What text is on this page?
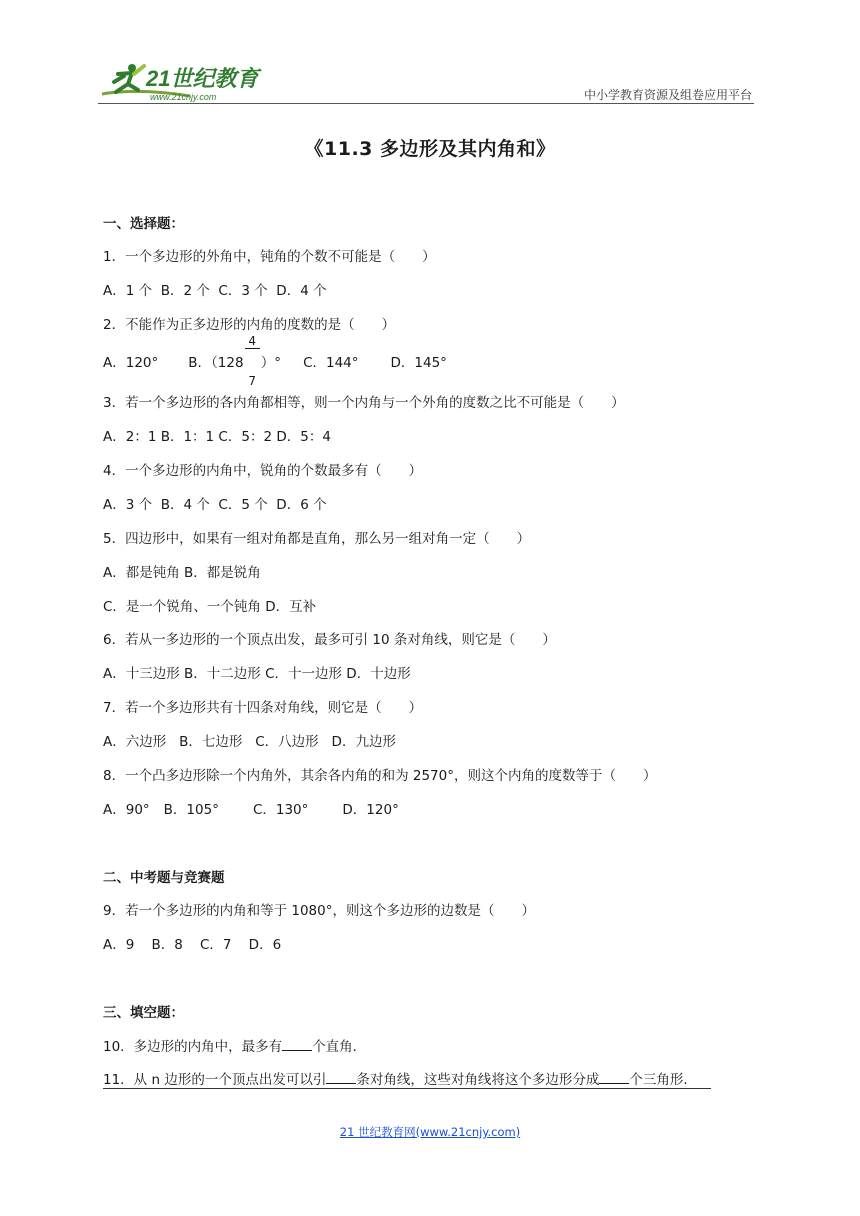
21世纪教育
www.21cnjy.com	中小学教育资源及组卷应用平台
《11.3 多边形及其内角和》
一、选择题：
1．一个多边形的外角中，钝角的个数不可能是（　　）
A．1 个  B．2 个  C．3 个  D．4 个
2．不能作为正多边形的内角的度数的是（　　）
A．120° B．（128

$\frac{4}{7}$

）° C．144° D．145°
3．若一个多边形的各内角都相等，则一个内角与一个外角的度数之比不可能是（　　）
A．2：1 B．1：1 C．5：2 D．5：4
4．一个多边形的内角中，锐角的个数最多有（　　）
A．3 个  B．4 个  C．5 个  D．6 个
5．四边形中，如果有一组对角都是直角，那么另一组对角一定（　　）
A．都是钝角 B．都是锐角
C．是一个锐角、一个钝角 D．互补
6．若从一多边形的一个顶点出发，最多可引 10 条对角线，则它是（　　）
A．十三边形 B．十二边形 C．十一边形 D．十边形
7．若一个多边形共有十四条对角线，则它是（　　）
A．六边形   B．七边形   C．八边形   D．九边形
8．一个凸多边形除一个内角外，其余各内角的和为 2570°，则这个内角的度数等于（　　）
A．90° B．105°	C．130°	D．120°
二、中考题与竞赛题
9．若一个多边形的内角和等于 1080°，则这个多边形的边数是（　　）
A．9    B．8    C．7    D．6
三、填空题：
10．多边形的内角中，最多有 个直角．
11．从 n 边形的一个顶点出发可以引 条对角线，这些对角线将这个多边形分成 个三角形．
21 世纪教育网(www.21cnjy.com)
